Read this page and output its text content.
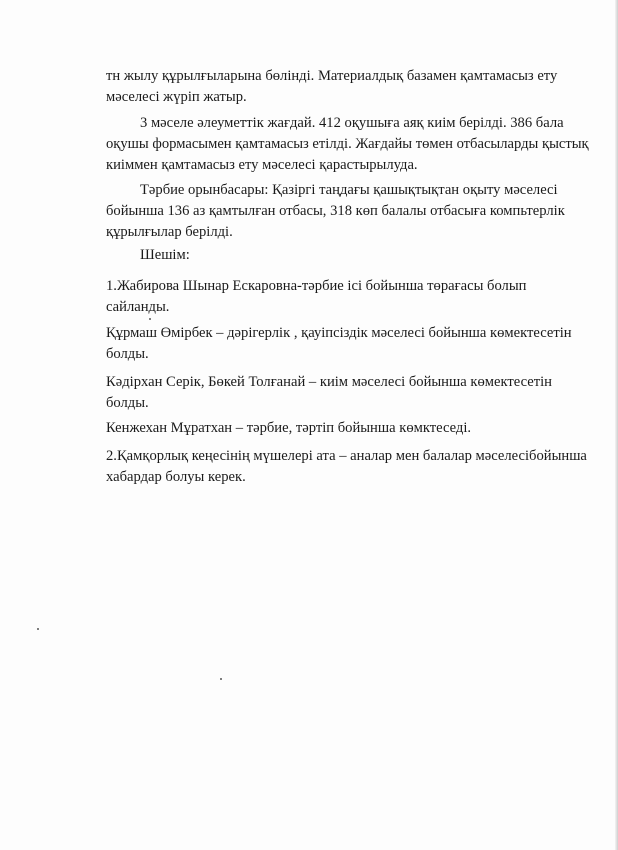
тн жылу құрылғыларына бөлінді. Материалдық базамен қамтамасыз ету
мәселесі жүріп жатыр.
3 мәселе әлеуметтік жағдай. 412 оқушыға аяқ киім берілді. 386 бала
оқушы формасымен қамтамасыз етілді. Жағдайы төмен отбасыларды қыстық
киіммен қамтамасыз ету мәселесі қарастырылуда.
Тәрбие орынбасары: Қазіргі таңдағы қашықтықтан оқыту мәселесі
бойынша 136 аз қамтылған отбасы, 318 көп балалы отбасыға компьтерлік
құрылғылар берілді.
Шешім:
1.Жабирова Шынар Ескаровна-тәрбие ісі бойынша төрағасы болып
сайланды.
Құрмаш Өмірбек – дәрігерлік , қауіпсіздік мәселесі бойынша көмектесетін
болды.
Кәдірхан Серік, Бөкей Толғанай – киім мәселесі бойынша көмектесетін
болды.
Кенжехан Мұратхан – тәрбие, тәртіп бойынша көмктеседі.
2.Қамқорлық кеңесінің мүшелері ата – аналар мен балалар мәселесібойынша
хабардар болуы керек.
